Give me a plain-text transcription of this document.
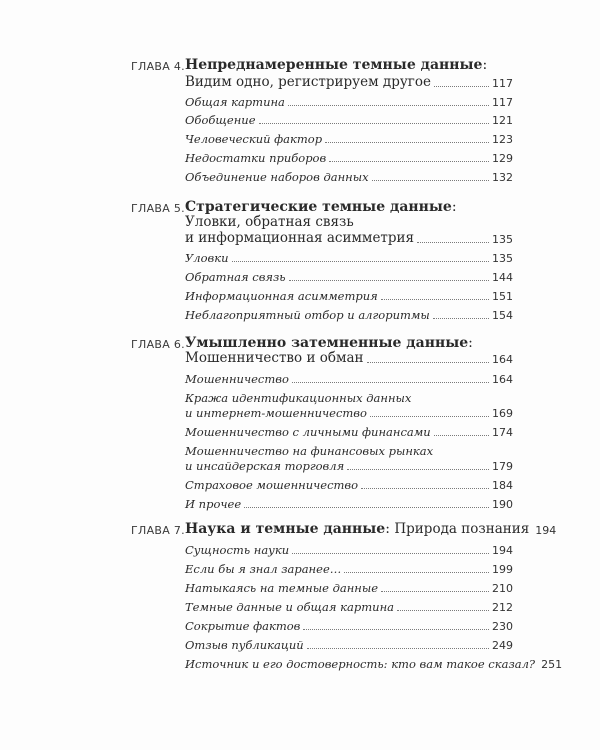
ГЛАВА 4. Непреднамеренные темные данные:
Видим одно, регистрируем другое	117
Общая картина	117
Обобщение	121
Человеческий фактор	123
Недостатки приборов	129
Объединение наборов данных	132
ГЛАВА 5. Стратегические темные данные:
Уловки, обратная связь
и информационная асимметрия	135
Уловки	135
Обратная связь	144
Информационная асимметрия	151
Неблагоприятный отбор и алгоритмы	154
ГЛАВА 6. Умышленно затемненные данные:
Мошенничество и обман	164
Мошенничество	164
Кража идентификационных данных
и интернет-мошенничество	169
Мошенничество с личными финансами	174
Мошенничество на финансовых рынках
и инсайдерская торговля	179
Страховое мошенничество	184
И прочее	190
ГЛАВА 7. Наука и темные данные: Природа познания 194
Сущность науки	194
Если бы я знал заранее…	199
Натыкаясь на темные данные	210
Темные данные и общая картина	212
Сокрытие фактов	230
Отзыв публикаций	249
Источник и его достоверность: кто вам такое сказал? 251
